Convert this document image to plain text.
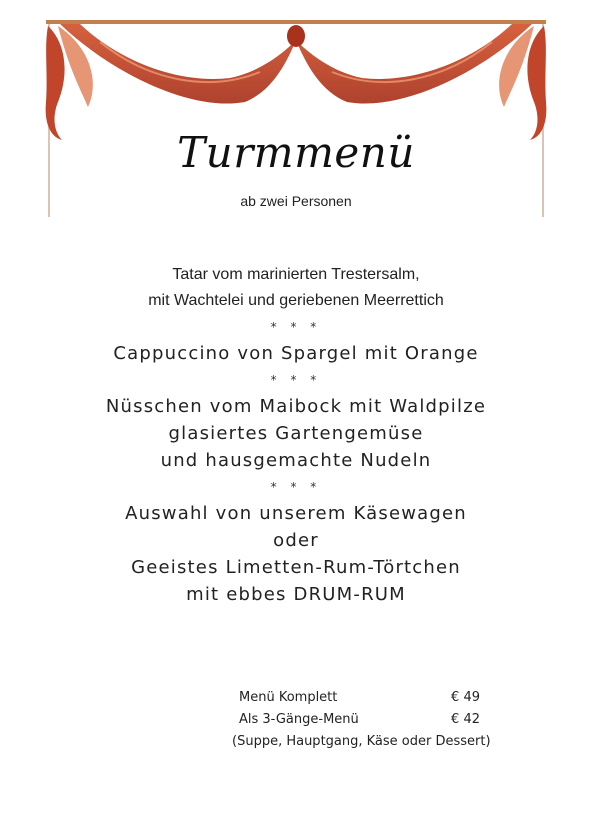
Turmmenü
ab zwei Personen
Tatar vom marinierten Trestersalm,
mit Wachtelei und geriebenen Meerrettich
* * *
Cappuccino von Spargel mit Orange
* * *
Nüsschen vom Maibock mit Waldpilze
glasiertes Gartengemüse
und hausgemachte Nudeln
* * *
Auswahl von unserem Käsewagen
oder
Geeistes Limetten-Rum-Törtchen
mit ebbes DRUM-RUM
Menü Komplett	€ 49
Als 3-Gänge-Menü	€ 42
(Suppe, Hauptgang, Käse oder Dessert)
